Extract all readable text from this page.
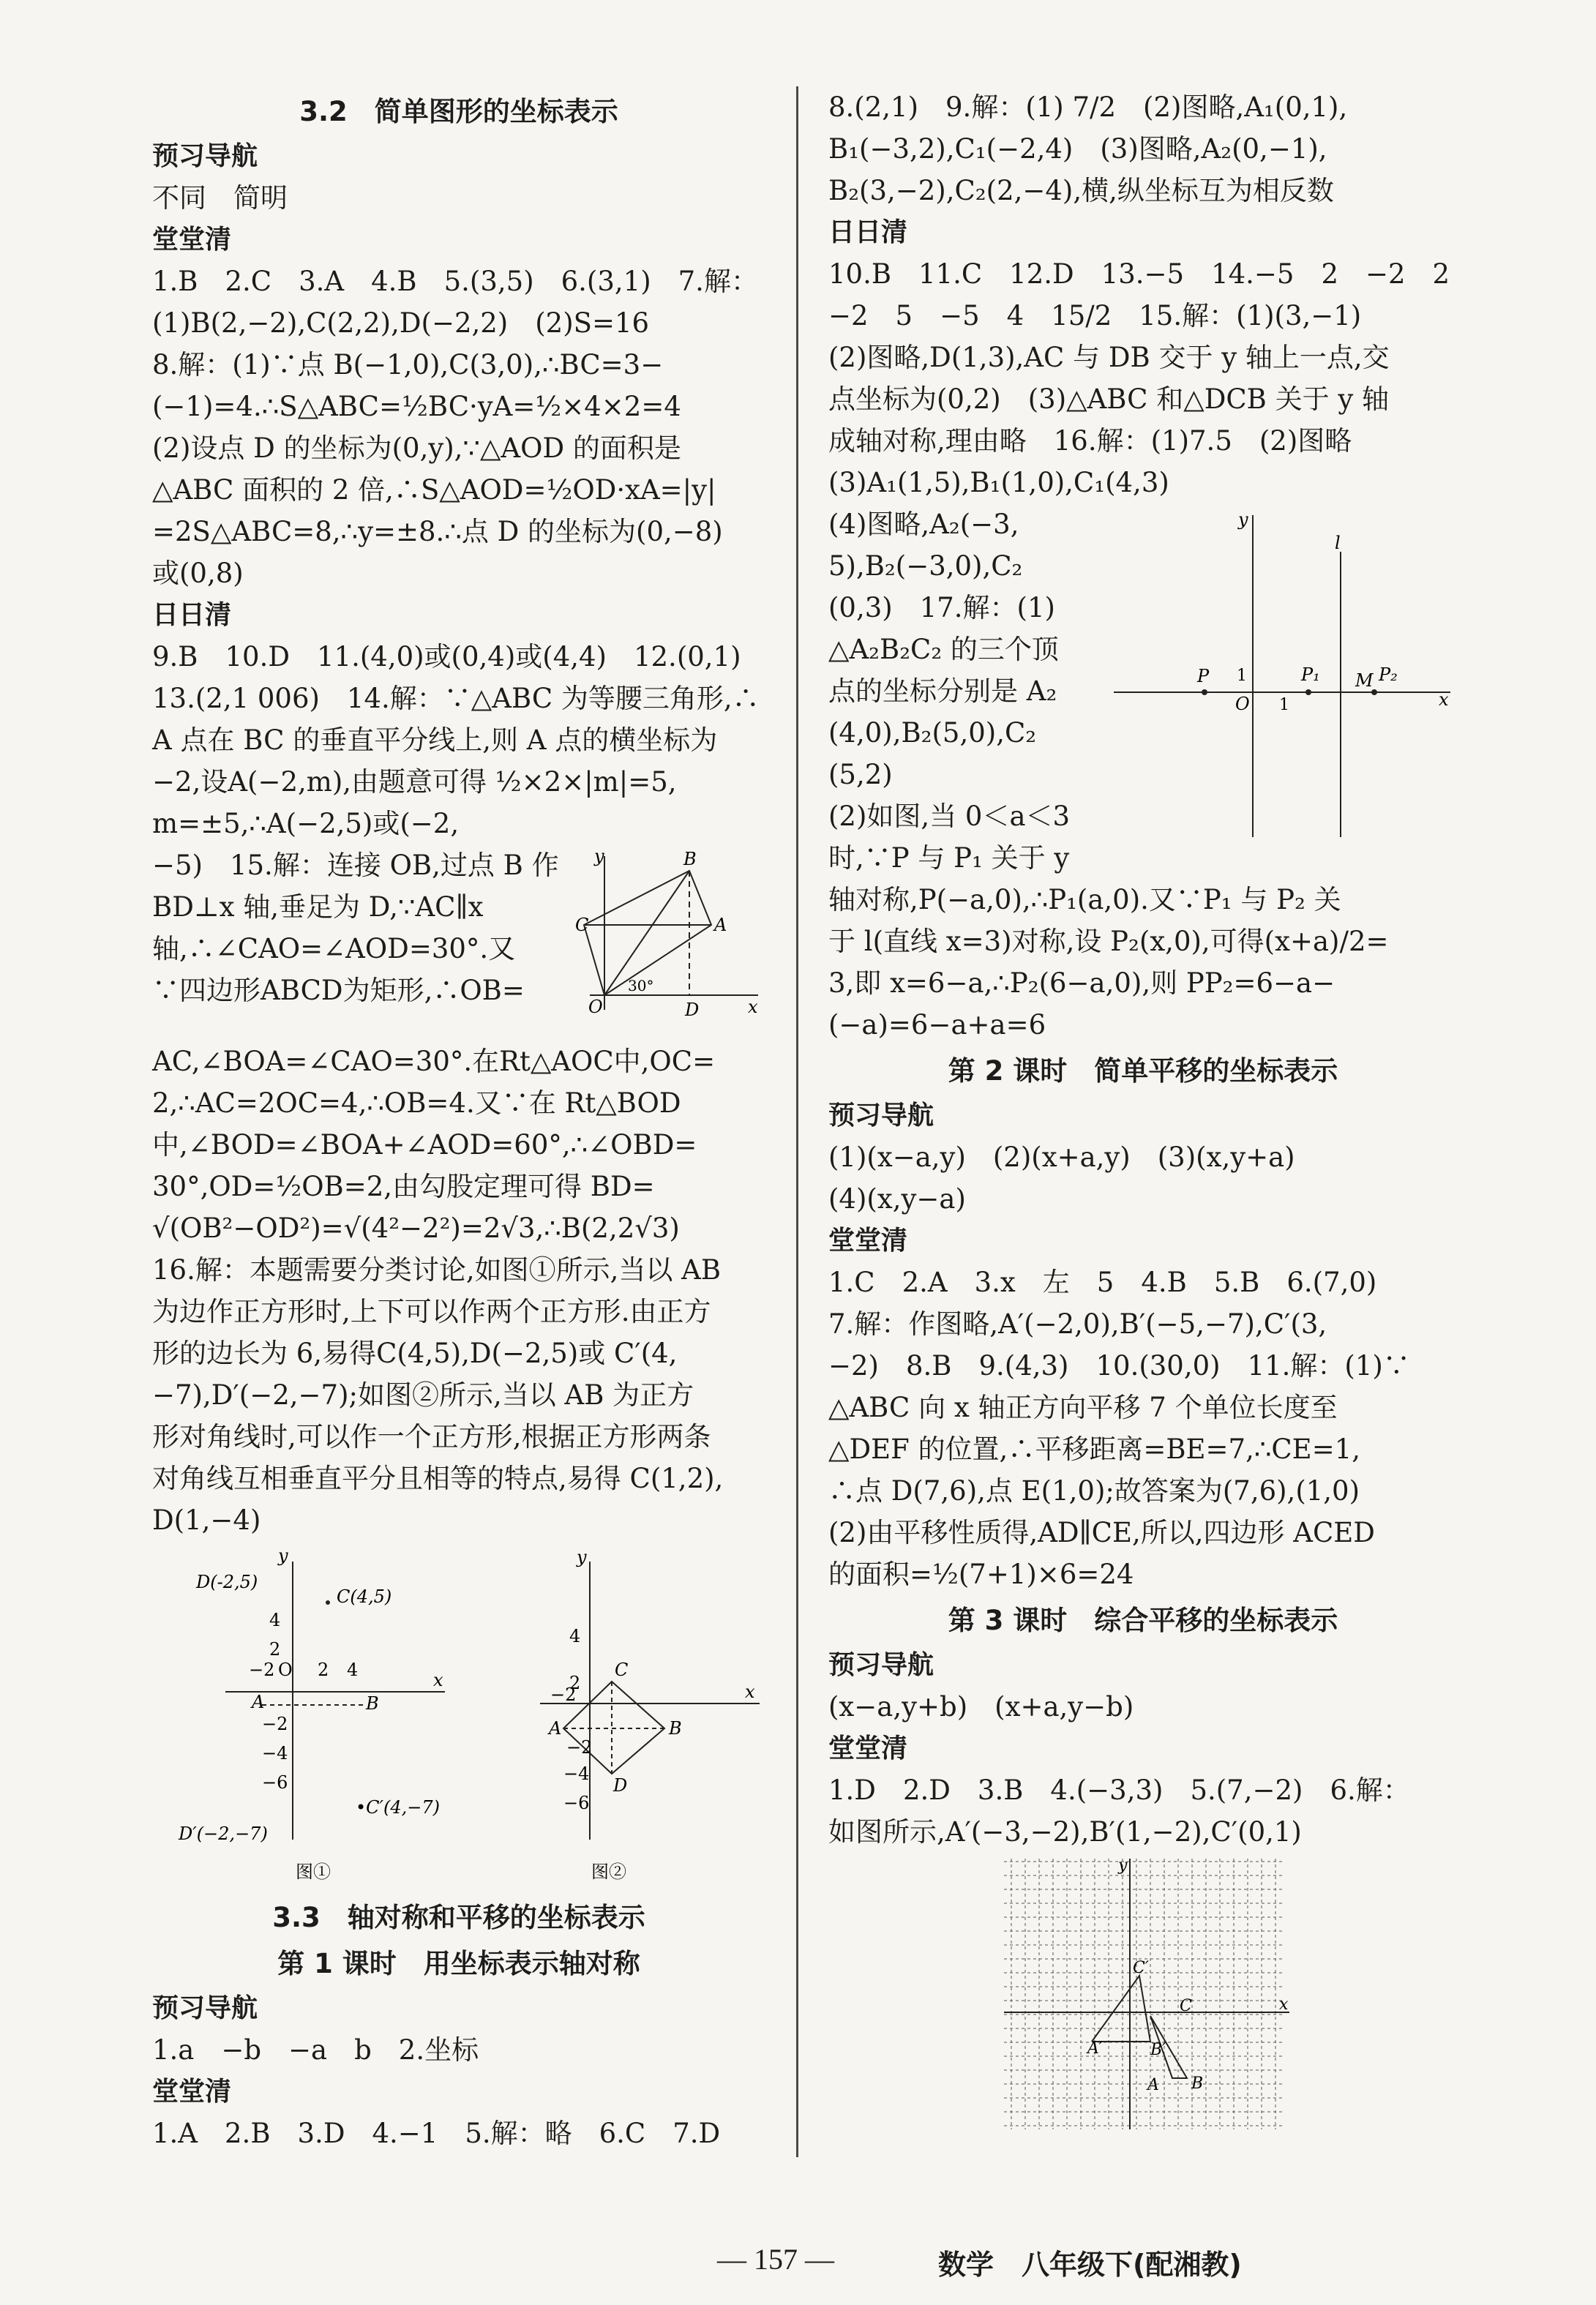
3.2　简单图形的坐标表示
预习导航
不同　简明
堂堂清
1.B　2.C　3.A　4.B　5.(3,5)　6.(3,1)　7.解：
(1)B(2,−2),C(2,2),D(−2,2)　(2)S=16
8.解：(1)∵点 B(−1,0),C(3,0),∴BC=3−
(−1)=4.∴S△ABC=½BC·yA=½×4×2=4
(2)设点 D 的坐标为(0,y),∵△AOD 的面积是
△ABC 面积的 2 倍,∴S△AOD=½OD·xA=|y|
=2S△ABC=8,∴y=±8.∴点 D 的坐标为(0,−8)
或(0,8)
日日清
9.B　10.D　11.(4,0)或(0,4)或(4,4)　12.(0,1)
13.(2,1 006)　14.解：∵△ABC 为等腰三角形,∴
A 点在 BC 的垂直平分线上,则 A 点的横坐标为
−2,设A(−2,m),由题意可得 ½×2×|m|=5,
m=±5,∴A(−2,5)或(−2,
y
x
O
B
C	A
D
30°
−5)　15.解：连接 OB,过点 B 作
BD⊥x 轴,垂足为 D,∵AC∥x
轴,∴∠CAO=∠AOD=30°.又
∵四边形ABCD为矩形,∴OB=
AC,∠BOA=∠CAO=30°.在Rt△AOC中,OC=
2,∴AC=2OC=4,∴OB=4.又∵在 Rt△BOD
中,∠BOD=∠BOA+∠AOD=60°,∴∠OBD=
30°,OD=½OB=2,由勾股定理可得 BD=
√(OB²−OD²)=√(4²−2²)=2√3,∴B(2,2√3)
16.解：本题需要分类讨论,如图①所示,当以 AB
为边作正方形时,上下可以作两个正方形.由正方
形的边长为 6,易得C(4,5),D(−2,5)或 C′(4,
−7),D′(−2,−7);如图②所示,当以 AB 为正方
形对角线时,可以作一个正方形,根据正方形两条
对角线互相垂直平分且相等的特点,易得 C(1,2),
D(1,−4)
y
x
D(-2,5)
C(4,5)
4
2
−2 O 2 4
A	B
−2
−4
−6
•C′(4,−7)
D′(−2,−7)
图①
y
x
C
A	B
D
4
2
−2
−2
−4
−6
图②
3.3　轴对称和平移的坐标表示
第 1 课时　用坐标表示轴对称
预习导航
1.a　−b　−a　b　2.坐标
堂堂清
1.A　2.B　3.D　4.−1　5.解：略　6.C　7.D
8.(2,1)　9.解：(1) 7/2　(2)图略,A₁(0,1),
B₁(−3,2),C₁(−2,4)　(3)图略,A₂(0,−1),
B₂(3,−2),C₂(2,−4),横,纵坐标互为相反数
日日清
10.B　11.C　12.D　13.−5　14.−5　2　−2　2
−2　5　−5　4　15/2　15.解：(1)(3,−1)
(2)图略,D(1,3),AC 与 DB 交于 y 轴上一点,交
点坐标为(0,2)　(3)△ABC 和△DCB 关于 y 轴
成轴对称,理由略　16.解：(1)7.5　(2)图略
(3)A₁(1,5),B₁(1,0),C₁(4,3)
y
x
l
P 1
O 1
P₁ M P₂
(4)图略,A₂(−3,
5),B₂(−3,0),C₂
(0,3)　17.解：(1)
△A₂B₂C₂ 的三个顶
点的坐标分别是 A₂
(4,0),B₂(5,0),C₂
(5,2)
(2)如图,当 0＜a＜3
时,∵P 与 P₁ 关于 y
轴对称,P(−a,0),∴P₁(a,0).又∵P₁ 与 P₂ 关
于 l(直线 x=3)对称,设 P₂(x,0),可得(x+a)/2=
3,即 x=6−a,∴P₂(6−a,0),则 PP₂=6−a−
(−a)=6−a+a=6
第 2 课时　简单平移的坐标表示
预习导航
(1)(x−a,y)　(2)(x+a,y)　(3)(x,y+a)
(4)(x,y−a)
堂堂清
1.C　2.A　3.x　左　5　4.B　5.B　6.(7,0)
7.解：作图略,A′(−2,0),B′(−5,−7),C′(3,
−2)　8.B　9.(4,3)　10.(30,0)　11.解：(1)∵
△ABC 向 x 轴正方向平移 7 个单位长度至
△DEF 的位置,∴平移距离=BE=7,∴CE=1,
∴点 D(7,6),点 E(1,0);故答案为(7,6),(1,0)
(2)由平移性质得,AD∥CE,所以,四边形 ACED
的面积=½(7+1)×6=24
第 3 课时　综合平移的坐标表示
预习导航
(x−a,y+b)　(x+a,y−b)
堂堂清
1.D　2.D　3.B　4.(−3,3)　5.(7,−2)　6.解：
如图所示,A′(−3,−2),B′(1,−2),C′(0,1)
y
x
C′
A′	B′
C
A B
— 157 —	数学　八年级下(配湘教)
